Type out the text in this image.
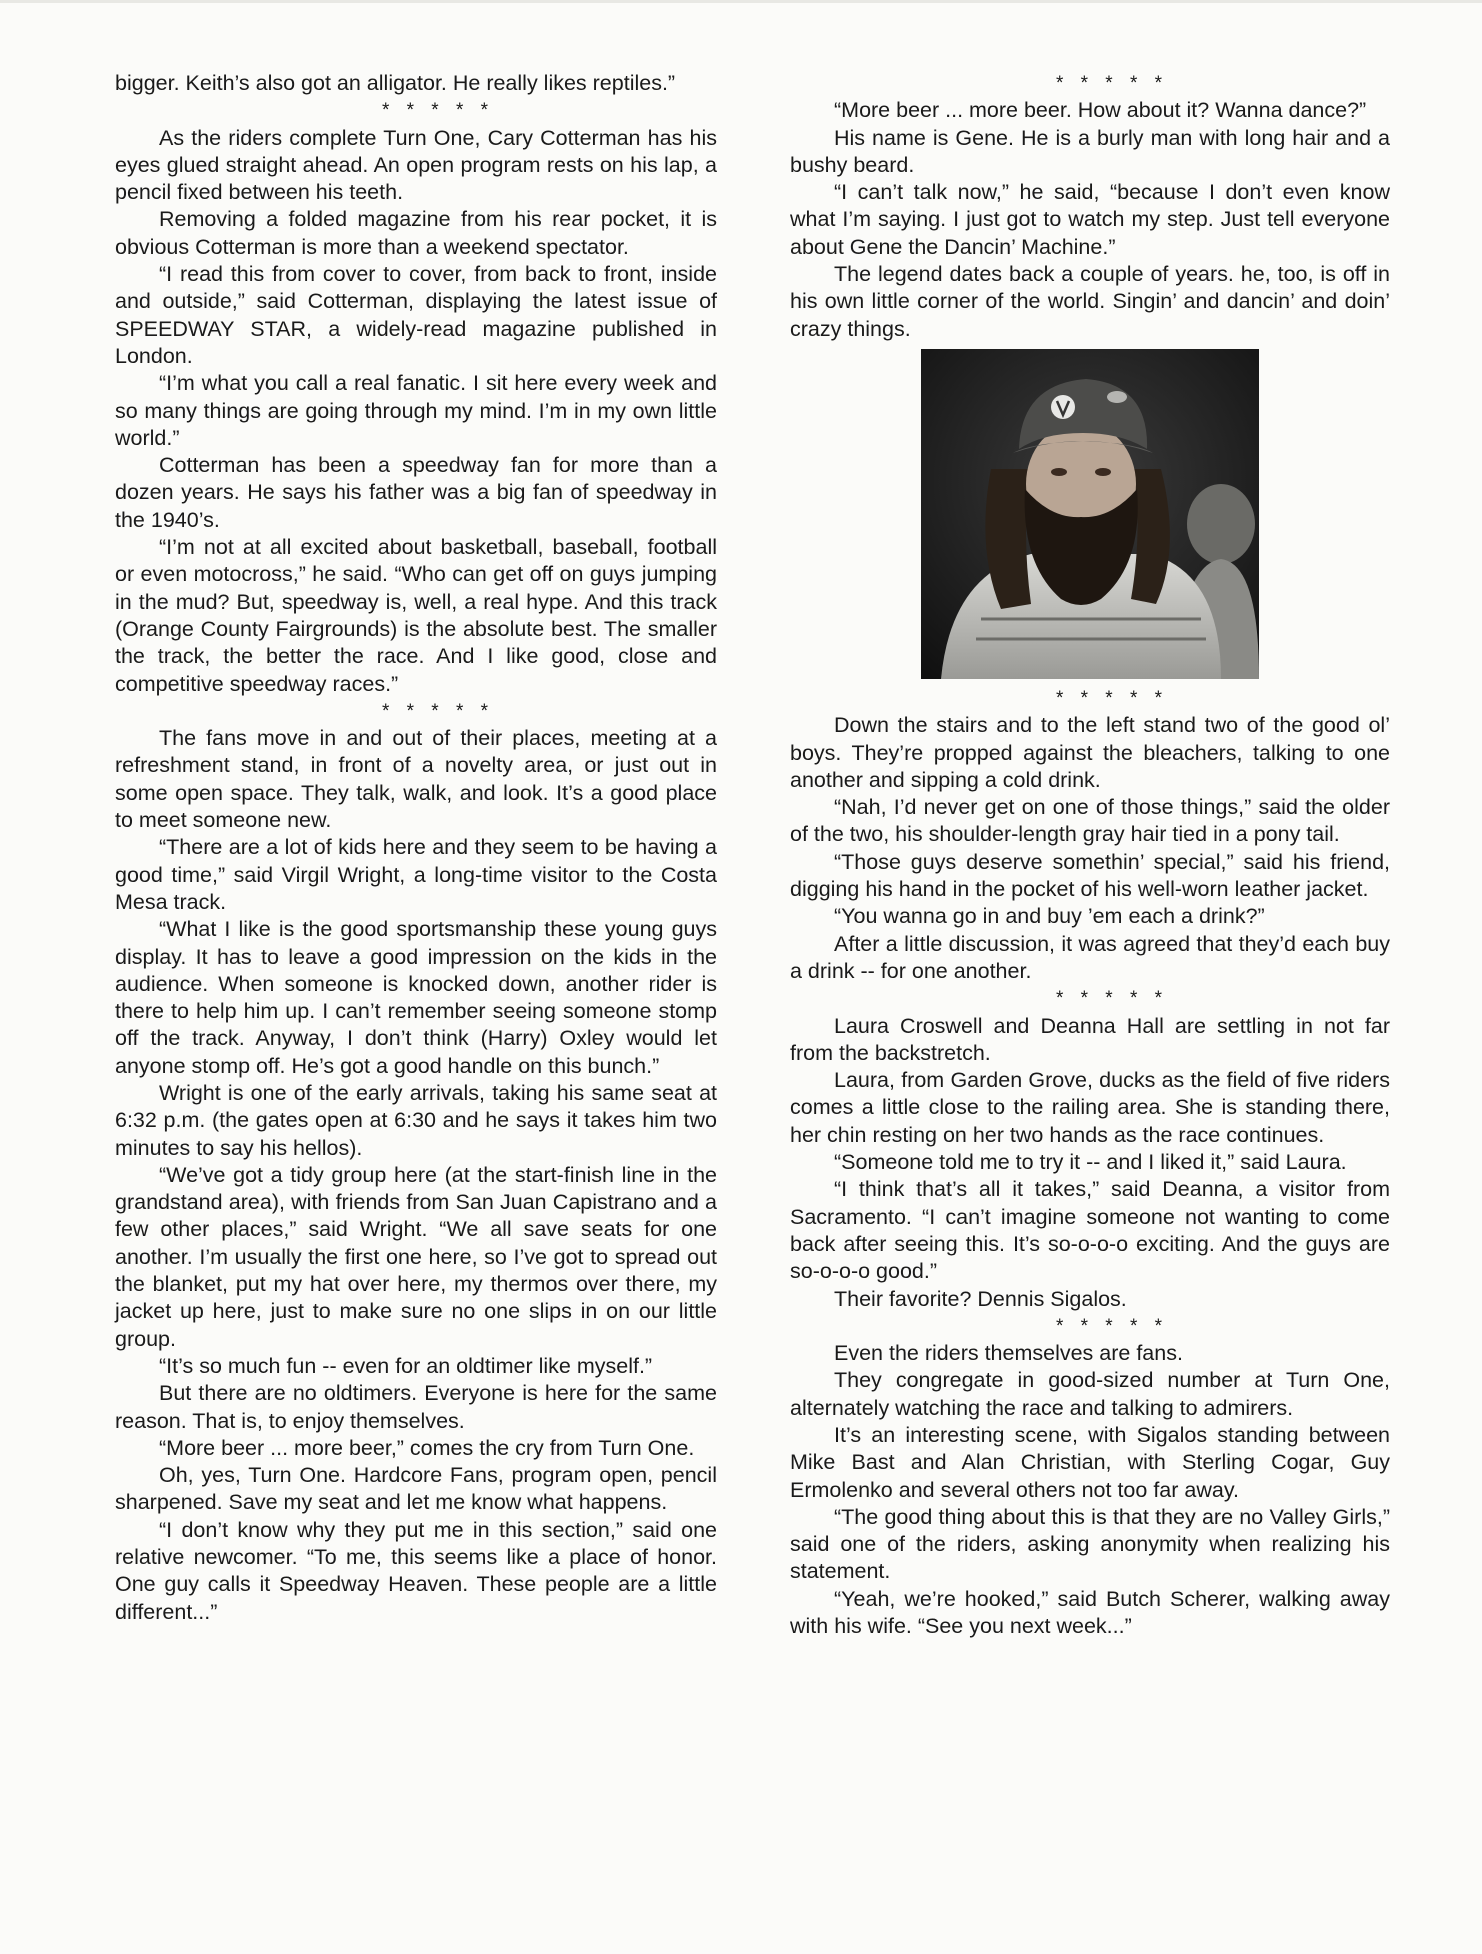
bigger. Keith’s also got an alligator. He really likes reptiles.”

* * * * *

As the riders complete Turn One, Cary Cotterman has his eyes glued straight ahead. An open program rests on his lap, a pencil fixed between his teeth.

Removing a folded magazine from his rear pocket, it is obvious Cotterman is more than a weekend spectator.

“I read this from cover to cover, from back to front, inside and outside,” said Cotterman, displaying the latest issue of SPEEDWAY STAR, a widely-read magazine published in London.

“I’m what you call a real fanatic. I sit here every week and so many things are going through my mind. I’m in my own little world.”

Cotterman has been a speedway fan for more than a dozen years. He says his father was a big fan of speedway in the 1940’s.

“I’m not at all excited about basketball, baseball, football or even motocross,” he said. “Who can get off on guys jumping in the mud? But, speedway is, well, a real hype. And this track (Orange County Fairgrounds) is the absolute best. The smaller the track, the better the race. And I like good, close and competitive speedway races.”

* * * * *

The fans move in and out of their places, meeting at a refreshment stand, in front of a novelty area, or just out in some open space. They talk, walk, and look. It’s a good place to meet someone new.

“There are a lot of kids here and they seem to be having a good time,” said Virgil Wright, a long-time visitor to the Costa Mesa track.

“What I like is the good sportsmanship these young guys display. It has to leave a good impression on the kids in the audience. When someone is knocked down, another rider is there to help him up. I can’t remember seeing someone stomp off the track. Anyway, I don’t think (Harry) Oxley would let anyone stomp off. He’s got a good handle on this bunch.”

Wright is one of the early arrivals, taking his same seat at 6:32 p.m. (the gates open at 6:30 and he says it takes him two minutes to say his hellos).

“We’ve got a tidy group here (at the start-finish line in the grandstand area), with friends from San Juan Capistrano and a few other places,” said Wright. “We all save seats for one another. I’m usually the first one here, so I’ve got to spread out the blanket, put my hat over here, my thermos over there, my jacket up here, just to make sure no one slips in on our little group.

“It’s so much fun -- even for an oldtimer like myself.”

But there are no oldtimers. Everyone is here for the same reason. That is, to enjoy themselves.

“More beer ... more beer,” comes the cry from Turn One.

Oh, yes, Turn One. Hardcore Fans, program open, pencil sharpened. Save my seat and let me know what happens.

“I don’t know why they put me in this section,” said one relative newcomer. “To me, this seems like a place of honor. One guy calls it Speedway Heaven. These people are a little different...”

* * * * *

“More beer ... more beer. How about it? Wanna dance?”

His name is Gene. He is a burly man with long hair and a bushy beard.

“I can’t talk now,” he said, “because I don’t even know what I’m saying. I just got to watch my step. Just tell everyone about Gene the Dancin’ Machine.”

The legend dates back a couple of years. he, too, is off in his own little corner of the world. Singin’ and dancin’ and doin’ crazy things.

* * * * *

Down the stairs and to the left stand two of the good ol’ boys. They’re propped against the bleachers, talking to one another and sipping a cold drink.

“Nah, I’d never get on one of those things,” said the older of the two, his shoulder-length gray hair tied in a pony tail.

“Those guys deserve somethin’ special,” said his friend, digging his hand in the pocket of his well-worn leather jacket.

“You wanna go in and buy ’em each a drink?”

After a little discussion, it was agreed that they’d each buy a drink -- for one another.

* * * * *

Laura Croswell and Deanna Hall are settling in not far from the backstretch.

Laura, from Garden Grove, ducks as the field of five riders comes a little close to the railing area. She is standing there, her chin resting on her two hands as the race continues.

“Someone told me to try it -- and I liked it,” said Laura.

“I think that’s all it takes,” said Deanna, a visitor from Sacramento. “I can’t imagine someone not wanting to come back after seeing this. It’s so-o-o-o exciting. And the guys are so-o-o-o good.”

Their favorite? Dennis Sigalos.

* * * * *

Even the riders themselves are fans.

They congregate in good-sized number at Turn One, alternately watching the race and talking to admirers.

It’s an interesting scene, with Sigalos standing between Mike Bast and Alan Christian, with Sterling Cogar, Guy Ermolenko and several others not too far away.

“The good thing about this is that they are no Valley Girls,” said one of the riders, asking anonymity when realizing his statement.

“Yeah, we’re hooked,” said Butch Scherer, walking away with his wife. “See you next week...”
